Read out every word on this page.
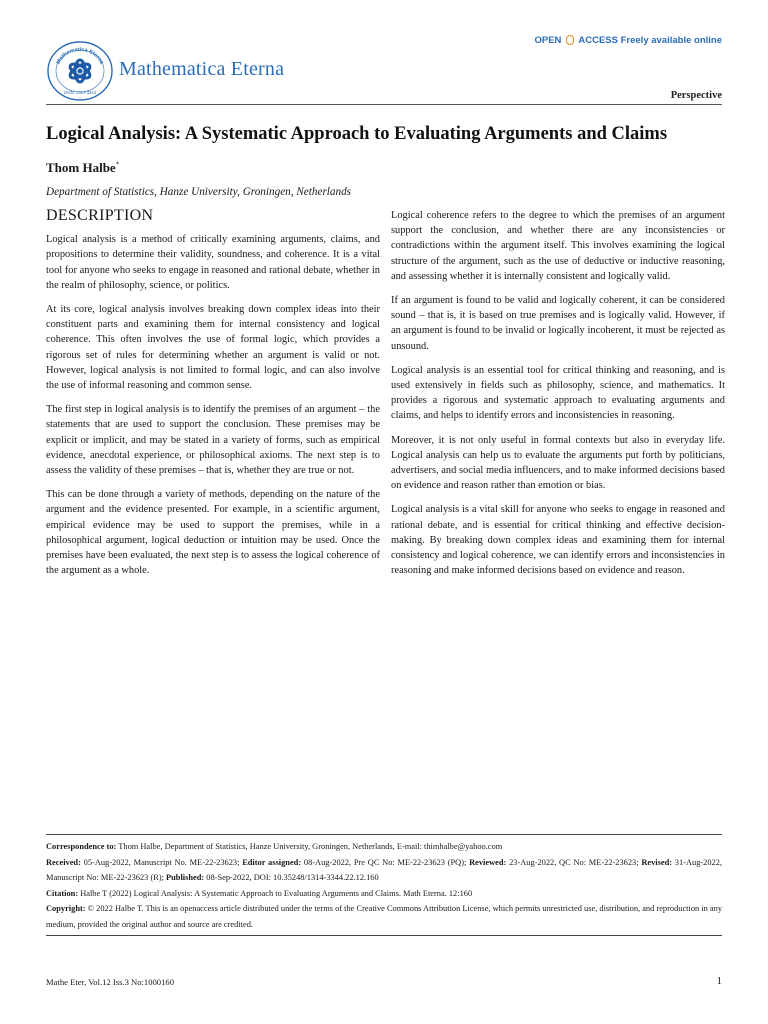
Mathematica Eterna
ISSN: 1314-3344
Mathematica Eterna
OPEN ACCESS Freely available online
Perspective
Logical Analysis: A Systematic Approach to Evaluating Arguments and Claims
Thom Halbe*
Department of Statistics, Hanze University, Groningen, Netherlands
DESCRIPTION

Logical analysis is a method of critically examining arguments, claims, and propositions to determine their validity, soundness, and coherence. It is a vital tool for anyone who seeks to engage in reasoned and rational debate, whether in the realm of philosophy, science, or politics.

At its core, logical analysis involves breaking down complex ideas into their constituent parts and examining them for internal consistency and logical coherence. This often involves the use of formal logic, which provides a rigorous set of rules for determining whether an argument is valid or not. However, logical analysis is not limited to formal logic, and can also involve the use of informal reasoning and common sense.

The first step in logical analysis is to identify the premises of an argument – the statements that are used to support the conclusion. These premises may be explicit or implicit, and may be stated in a variety of forms, such as empirical evidence, anecdotal experience, or philosophical axioms. The next step is to assess the validity of these premises – that is, whether they are true or not.

This can be done through a variety of methods, depending on the nature of the argument and the evidence presented. For example, in a scientific argument, empirical evidence may be used to support the premises, while in a philosophical argument, logical deduction or intuition may be used. Once the premises have been evaluated, the next step is to assess the logical coherence of the argument as a whole.

Logical coherence refers to the degree to which the premises of an argument support the conclusion, and whether there are any inconsistencies or contradictions within the argument itself. This involves examining the logical structure of the argument, such as the use of deductive or inductive reasoning, and assessing whether it is internally consistent and logically valid.

If an argument is found to be valid and logically coherent, it can be considered sound – that is, it is based on true premises and is logically valid. However, if an argument is found to be invalid or logically incoherent, it must be rejected as unsound.

Logical analysis is an essential tool for critical thinking and reasoning, and is used extensively in fields such as philosophy, science, and mathematics. It provides a rigorous and systematic approach to evaluating arguments and claims, and helps to identify errors and inconsistencies in reasoning.

Moreover, it is not only useful in formal contexts but also in everyday life. Logical analysis can help us to evaluate the arguments put forth by politicians, advertisers, and social media influencers, and to make informed decisions based on evidence and reason rather than emotion or bias.

Logical analysis is a vital skill for anyone who seeks to engage in reasoned and rational debate, and is essential for critical thinking and effective decision-making. By breaking down complex ideas and examining them for internal consistency and logical coherence, we can identify errors and inconsistencies in reasoning and make informed decisions based on evidence and reason.

Correspondence to: Thom Halbe, Department of Statistics, Hanze University, Groningen, Netherlands, E-mail: thimhalbe@yahoo.com

Received: 05-Aug-2022, Manuscript No. ME-22-23623; Editor assigned: 08-Aug-2022, Pre QC No: ME-22-23623 (PQ); Reviewed: 23-Aug-2022, QC No: ME-22-23623; Revised: 31-Aug-2022, Manuscript No: ME-22-23623 (R); Published: 08-Sep-2022, DOI: 10.35248/1314-3344.22.12.160

Citation: Halbe T (2022) Logical Analysis: A Systematic Approach to Evaluating Arguments and Claims. Math Eterna. 12:160

Copyright: © 2022 Halbe T. This is an openaccess article distributed under the terms of the Creative Commons Attribution License, which permits unrestricted use, distribution, and reproduction in any medium, provided the original author and source are credited.

Mathe Eter, Vol.12 Iss.3 No:1000160	1
